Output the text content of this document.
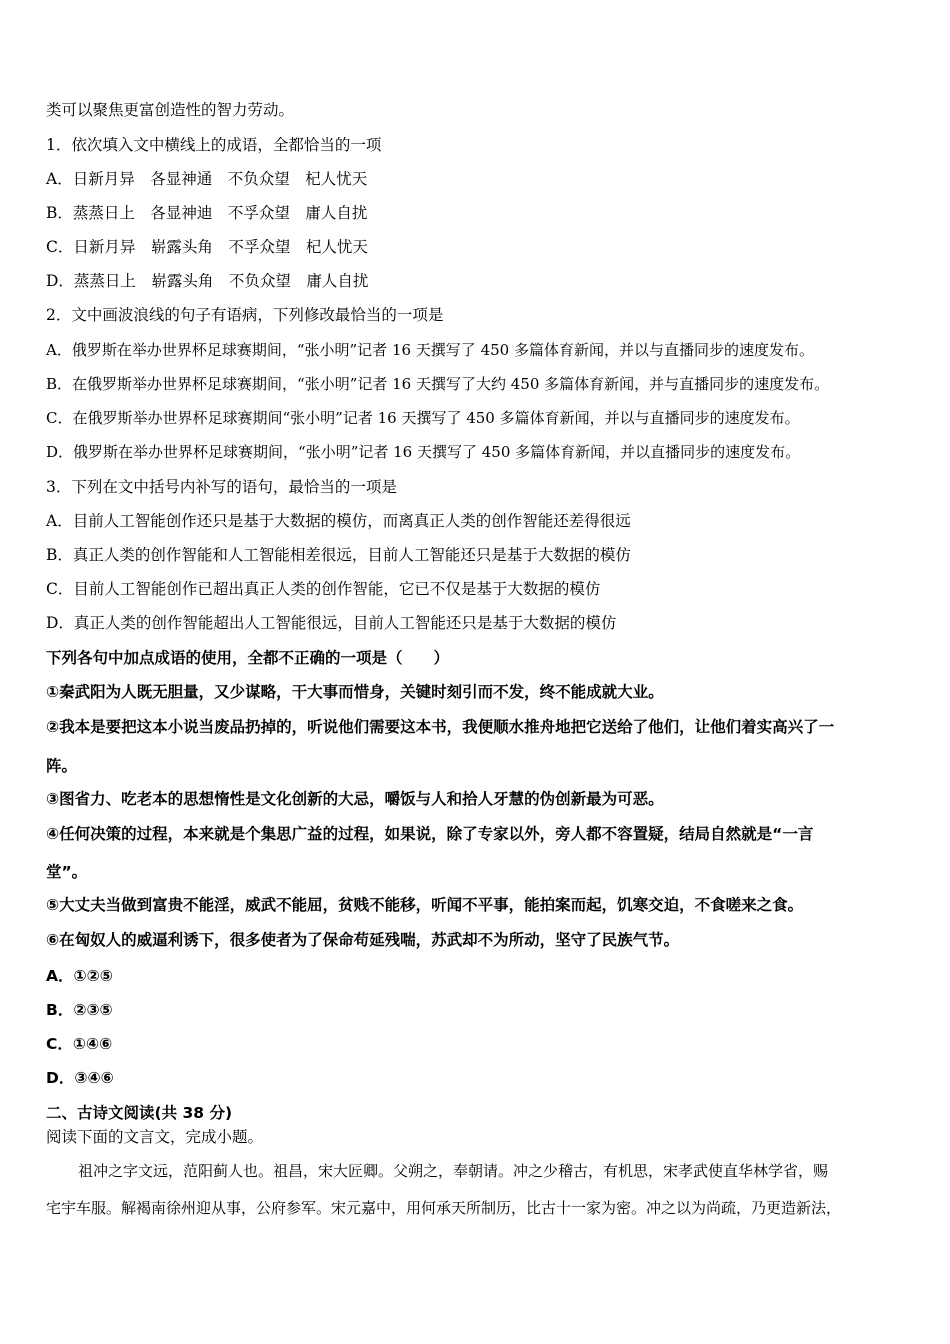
类可以聚焦更富创造性的智力劳动。
1．依次填入文中横线上的成语，全都恰当的一项
A．日新月异　各显神通　不负众望　杞人忧天
B．蒸蒸日上　各显神迪　不孚众望　庸人自扰
C．日新月异　崭露头角　不孚众望　杞人忧天
D．蒸蒸日上　崭露头角　不负众望　庸人自扰
2．文中画波浪线的句子有语病，下列修改最恰当的一项是
A．俄罗斯在举办世界杯足球赛期间，“张小明”记者 16 天撰写了 450 多篇体育新闻，并以与直播同步的速度发布。
B．在俄罗斯举办世界杯足球赛期间，“张小明”记者 16 天撰写了大约 450 多篇体育新闻，并与直播同步的速度发布。
C．在俄罗斯举办世界杯足球赛期间“张小明”记者 16 天撰写了 450 多篇体育新闻，并以与直播同步的速度发布。
D．俄罗斯在举办世界杯足球赛期间，“张小明”记者 16 天撰写了 450 多篇体育新闻，并以直播同步的速度发布。
3．下列在文中括号内补写的语句，最恰当的一项是
A．目前人工智能创作还只是基于大数据的模仿，而离真正人类的创作智能还差得很远
B．真正人类的创作智能和人工智能相差很远，目前人工智能还只是基于大数据的模仿
C．目前人工智能创作已超出真正人类的创作智能，它已不仅是基于大数据的模仿
D．真正人类的创作智能超出人工智能很远，目前人工智能还只是基于大数据的模仿
下列各句中加点成语的使用，全都不正确的一项是（　　）
①秦武阳为人既无胆量，又少谋略，干大事而惜身，关键时刻引而不发，终不能成就大业。
②我本是要把这本小说当废品扔掉的，听说他们需要这本书，我便顺水推舟地把它送给了他们，让他们着实高兴了一
阵。
③图省力、吃老本的思想惰性是文化创新的大忌，嚼饭与人和拾人牙慧的伪创新最为可恶。
④任何决策的过程，本来就是个集思广益的过程，如果说，除了专家以外，旁人都不容置疑，结局自然就是“一言
堂”。
⑤大丈夫当做到富贵不能淫，威武不能屈，贫贱不能移，听闻不平事，能拍案而起，饥寒交迫，不食嗟来之食。
⑥在匈奴人的威逼利诱下，很多使者为了保命苟延残喘，苏武却不为所动，坚守了民族气节。
A．①②⑤
B．②③⑤
C．①④⑥
D．③④⑥
二、古诗文阅读(共 38 分)
阅读下面的文言文，完成小题。
祖冲之字文远，范阳蓟人也。祖昌，宋大匠卿。父朔之，奉朝请。冲之少稽古，有机思，宋孝武使直华林学省，赐
宅宇车服。解褐南徐州迎从事，公府参军。宋元嘉中，用何承天所制历，比古十一家为密。冲之以为尚疏，乃更造新法，
